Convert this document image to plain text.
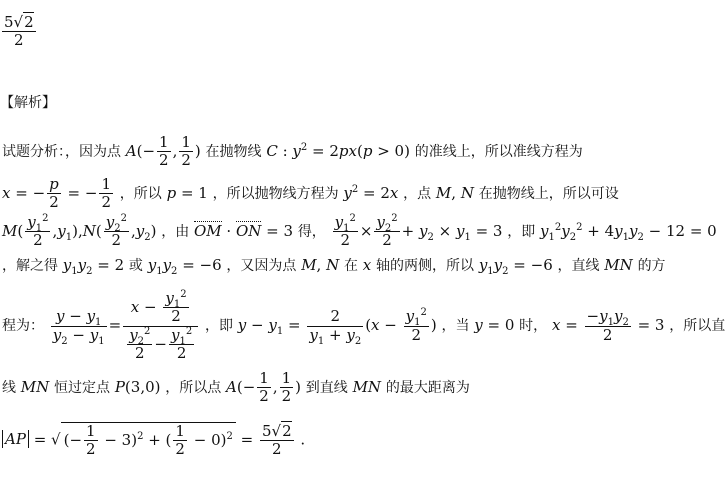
$\frac{5√2}{2}$
【解析】
试题分析：，因为点 $A(- \frac{1}{2}$ , $\frac{1}{2}$ ) 在抛物线 C : $y^2 = 2px(p > 0)$ 的准线上，所以准线方程为
x = − $\frac{p}{2}$ = − $\frac{1}{2}$ ，所以 p = 1 ，所以抛物线方程为 $y^2 = 2x$ ，点 M, N 在抛物线上，所以可设
$M( \frac{y_1^2}{2} ,y_1),N( \frac{y_2^2}{2} ,y_2)$ ，由 OM · ON = 3 得， $\frac{y_1^2}{2} \times \frac{y_2^2}{2} + y_2 \times y_1 = 3$ ，即 $y_1^2y_2^2 + 4y_1y_2 - 12 = 0$
，解之得 $y_1y_2 = 2$ 或 $y_1y_2 = -6$ ，又因为点 M, N 在 x 轴的两侧，所以 $y_1y_2 = -6$ ，直线 MN 的方
程为： $\frac{y - y_1}{y_2 - y_1} = \frac{x - \frac{y_1^2}{2}}{\frac{y_2^2}{2} - \frac{y_1^2}{2}}$ ，即 $y - y_1 = \frac{2}{y_1 + y_2} (x - \frac{y_1^2}{2}$ ) ，当 y = 0 时， $x = \frac{-y_1y_2}{2} = 3$ ，所以直
线 MN 恒过定点 P(3,0) ，所以点 $A(- \frac{1}{2}$ , $\frac{1}{2}$ ) 到直线 MN 的最大距离为
AP = √ (− $\frac{1}{2} - 3)^2$ + ( $\frac{1}{2} - 0)^2 = \frac{5√2}{2}$ .
